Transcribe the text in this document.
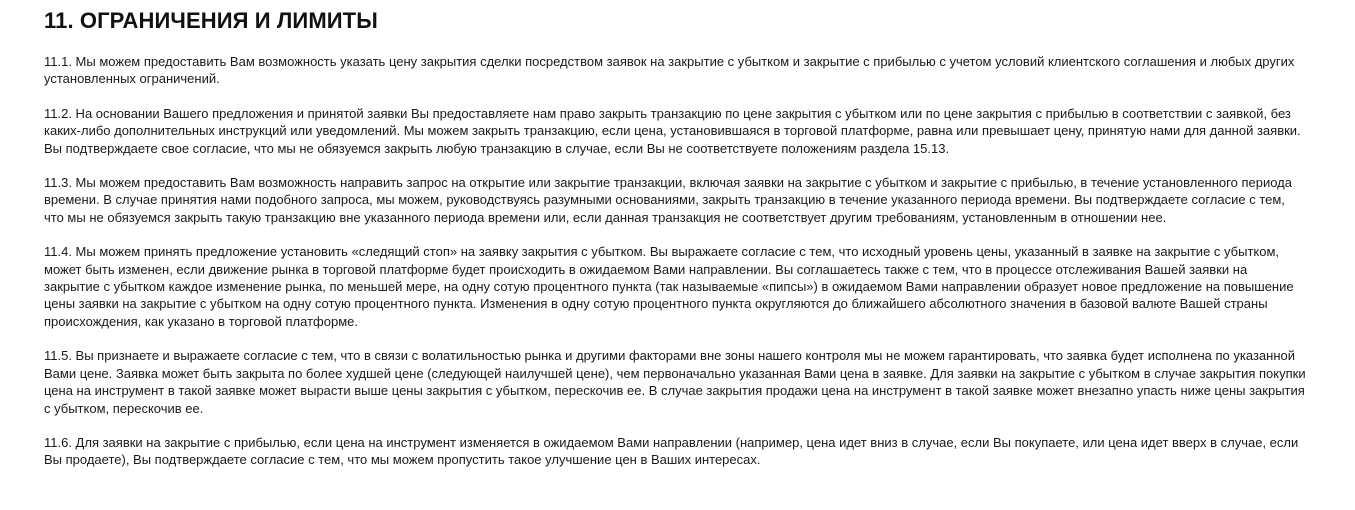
11. ОГРАНИЧЕНИЯ И ЛИМИТЫ

11.1. Мы можем предоставить Вам возможность указать цену закрытия сделки посредством заявок на закрытие с убытком и закрытие с прибылью с учетом условий клиентского соглашения и любых других установленных ограничений.

11.2. На основании Вашего предложения и принятой заявки Вы предоставляете нам право закрыть транзакцию по цене закрытия с убытком или по цене закрытия с прибылью в соответствии с заявкой, без каких-либо дополнительных инструкций или уведомлений. Мы можем закрыть транзакцию, если цена, установившаяся в торговой платформе, равна или превышает цену, принятую нами для данной заявки. Вы подтверждаете свое согласие, что мы не обязуемся закрыть любую транзакцию в случае, если Вы не соответствуете положениям раздела 15.13.

11.3. Мы можем предоставить Вам возможность направить запрос на открытие или закрытие транзакции, включая заявки на закрытие с убытком и закрытие с прибылью, в течение установленного периода времени. В случае принятия нами подобного запроса, мы можем, руководствуясь разумными основаниями, закрыть транзакцию в течение указанного периода времени. Вы подтверждаете согласие с тем, что мы не обязуемся закрыть такую транзакцию вне указанного периода времени или, если данная транзакция не соответствует другим требованиям, установленным в отношении нее.

11.4. Мы можем принять предложение установить «следящий стоп» на заявку закрытия с убытком. Вы выражаете согласие с тем, что исходный уровень цены, указанный в заявке на закрытие с убытком, может быть изменен, если движение рынка в торговой платформе будет происходить в ожидаемом Вами направлении. Вы соглашаетесь также с тем, что в процессе отслеживания Вашей заявки на закрытие с убытком каждое изменение рынка, по меньшей мере, на одну сотую процентного пункта (так называемые «пипсы») в ожидаемом Вами направлении образует новое предложение на повышение цены заявки на закрытие с убытком на одну сотую процентного пункта. Изменения в одну сотую процентного пункта округляются до ближайшего абсолютного значения в базовой валюте Вашей страны происхождения, как указано в торговой платформе.

11.5. Вы признаете и выражаете согласие с тем, что в связи с волатильностью рынка и другими факторами вне зоны нашего контроля мы не можем гарантировать, что заявка будет исполнена по указанной Вами цене. Заявка может быть закрыта по более худшей цене (следующей наилучшей цене), чем первоначально указанная Вами цена в заявке. Для заявки на закрытие с убытком в случае закрытия покупки цена на инструмент в такой заявке может вырасти выше цены закрытия с убытком, перескочив ее. В случае закрытия продажи цена на инструмент в такой заявке может внезапно упасть ниже цены закрытия с убытком, перескочив ее.

11.6. Для заявки на закрытие с прибылью, если цена на инструмент изменяется в ожидаемом Вами направлении (например, цена идет вниз в случае, если Вы покупаете, или цена идет вверх в случае, если Вы продаете), Вы подтверждаете согласие с тем, что мы можем пропустить такое улучшение цен в Ваших интересах.
